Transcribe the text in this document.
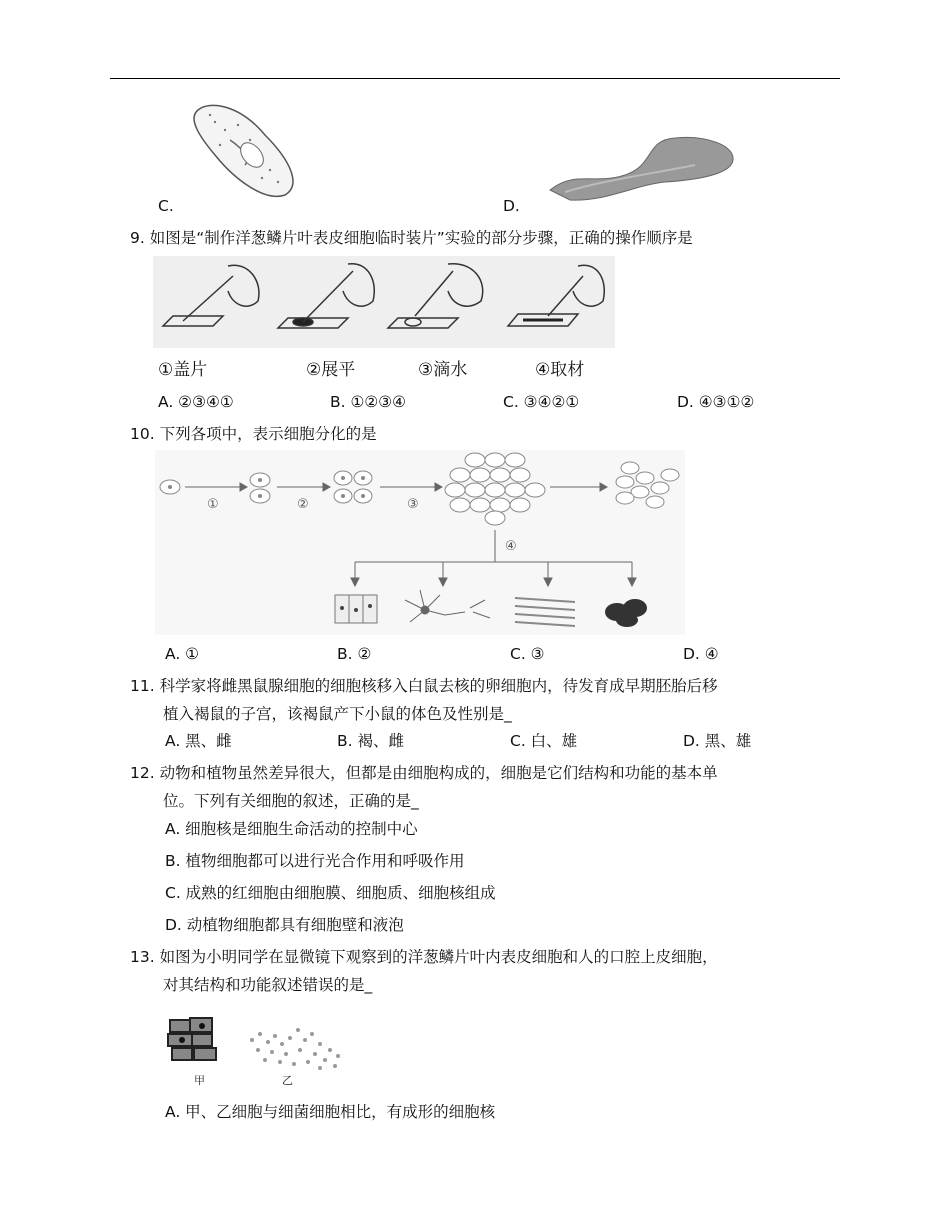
C.	D.
9. 如图是“制作洋葱鳞片叶表皮细胞临时装片”实验的部分步骤，正确的操作顺序是
①盖片	②展平	③滴水	④取材
A. ②③④①	B. ①②③④	C. ③④②①	D. ④③①②
10. 下列各项中，表示细胞分化的是
①	②	③
④
A. ①	B. ②	C. ③	D. ④
11. 科学家将雌黑鼠腺细胞的细胞核移入白鼠去核的卵细胞内，待发育成早期胚胎后移
植入褐鼠的子宫，该褐鼠产下小鼠的体色及性别是_
A. 黑、雌	B. 褐、雌	C. 白、雄	D. 黑、雄
12. 动物和植物虽然差异很大，但都是由细胞构成的，细胞是它们结构和功能的基本单
位。下列有关细胞的叙述，正确的是_
A. 细胞核是细胞生命活动的控制中心
B. 植物细胞都可以进行光合作用和呼吸作用
C. 成熟的红细胞由细胞膜、细胞质、细胞核组成
D. 动植物细胞都具有细胞壁和液泡
13. 如图为小明同学在显微镜下观察到的洋葱鳞片叶内表皮细胞和人的口腔上皮细胞，
对其结构和功能叙述错误的是_
甲	乙
A. 甲、乙细胞与细菌细胞相比，有成形的细胞核
